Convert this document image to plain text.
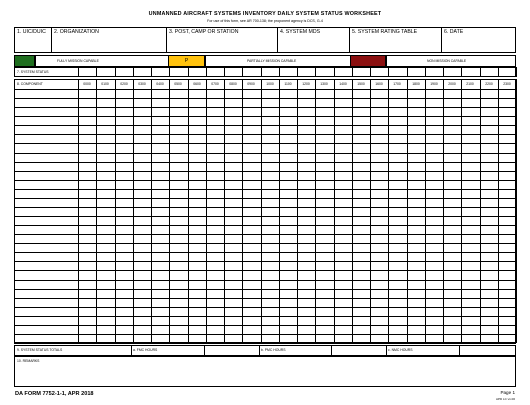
UNMANNED AIRCRAFT SYSTEMS INVENTORY DAILY SYSTEM STATUS WORKSHEET
For use of this form, see AR 700-138; the proponent agency is DCS, G-4
1. UIC/DUIC 2. ORGANIZATION	3. POST, CAMP OR STATION	4. SYSTEM MDS	5. SYSTEM RATING TABLE	6. DATE
FULLY MISSION CAPABLE	P	PARTIALLY MISSION CAPABLE	NON MISSION CAPABLE
7. SYSTEM STATUS
8. COMPONENT	0000	0100	0200	0300	0400	0500	0600	0700	0800	0900	1000	1100	1200	1300	1400	1500	1600	1700	1800	1900	2000	2100	2200	2300
9. SYSTEM STATUS TOTALS	a. FMC HOURS	b. PMC HOURS	c. NMC HOURS
10. REMARKS
DA FORM 7752-1-1, APR 2018	Page 1
APD LC v1.00
